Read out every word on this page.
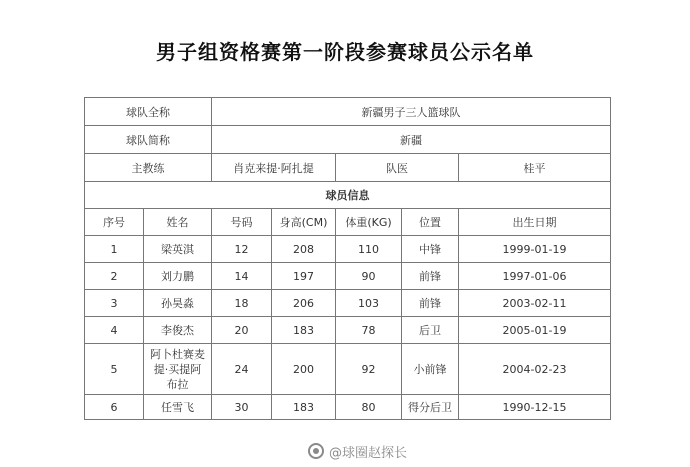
男子组资格赛第一阶段参赛球员公示名单
球队全称		新疆男子三人篮球队				
球队简称		新疆				
主教练		肖克来提·阿扎提		队医		桂平
球员信息						
序号	姓名	号码	身高(CM)	体重(KG)	位置	出生日期
1	梁英淇	12	208	110	中锋	1999-01-19
2	刘力鹏	14	197	90	前锋	1997-01-06
3	孙昊淼	18	206	103	前锋	2003-02-11
4	李俊杰	20	183	78	后卫	2005-01-19
5	阿卜杜赛麦提·买提阿布拉	24	200	92	小前锋	2004-02-23
6	任雪飞	30	183	80	得分后卫	1990-12-15
@球圈赵探长
